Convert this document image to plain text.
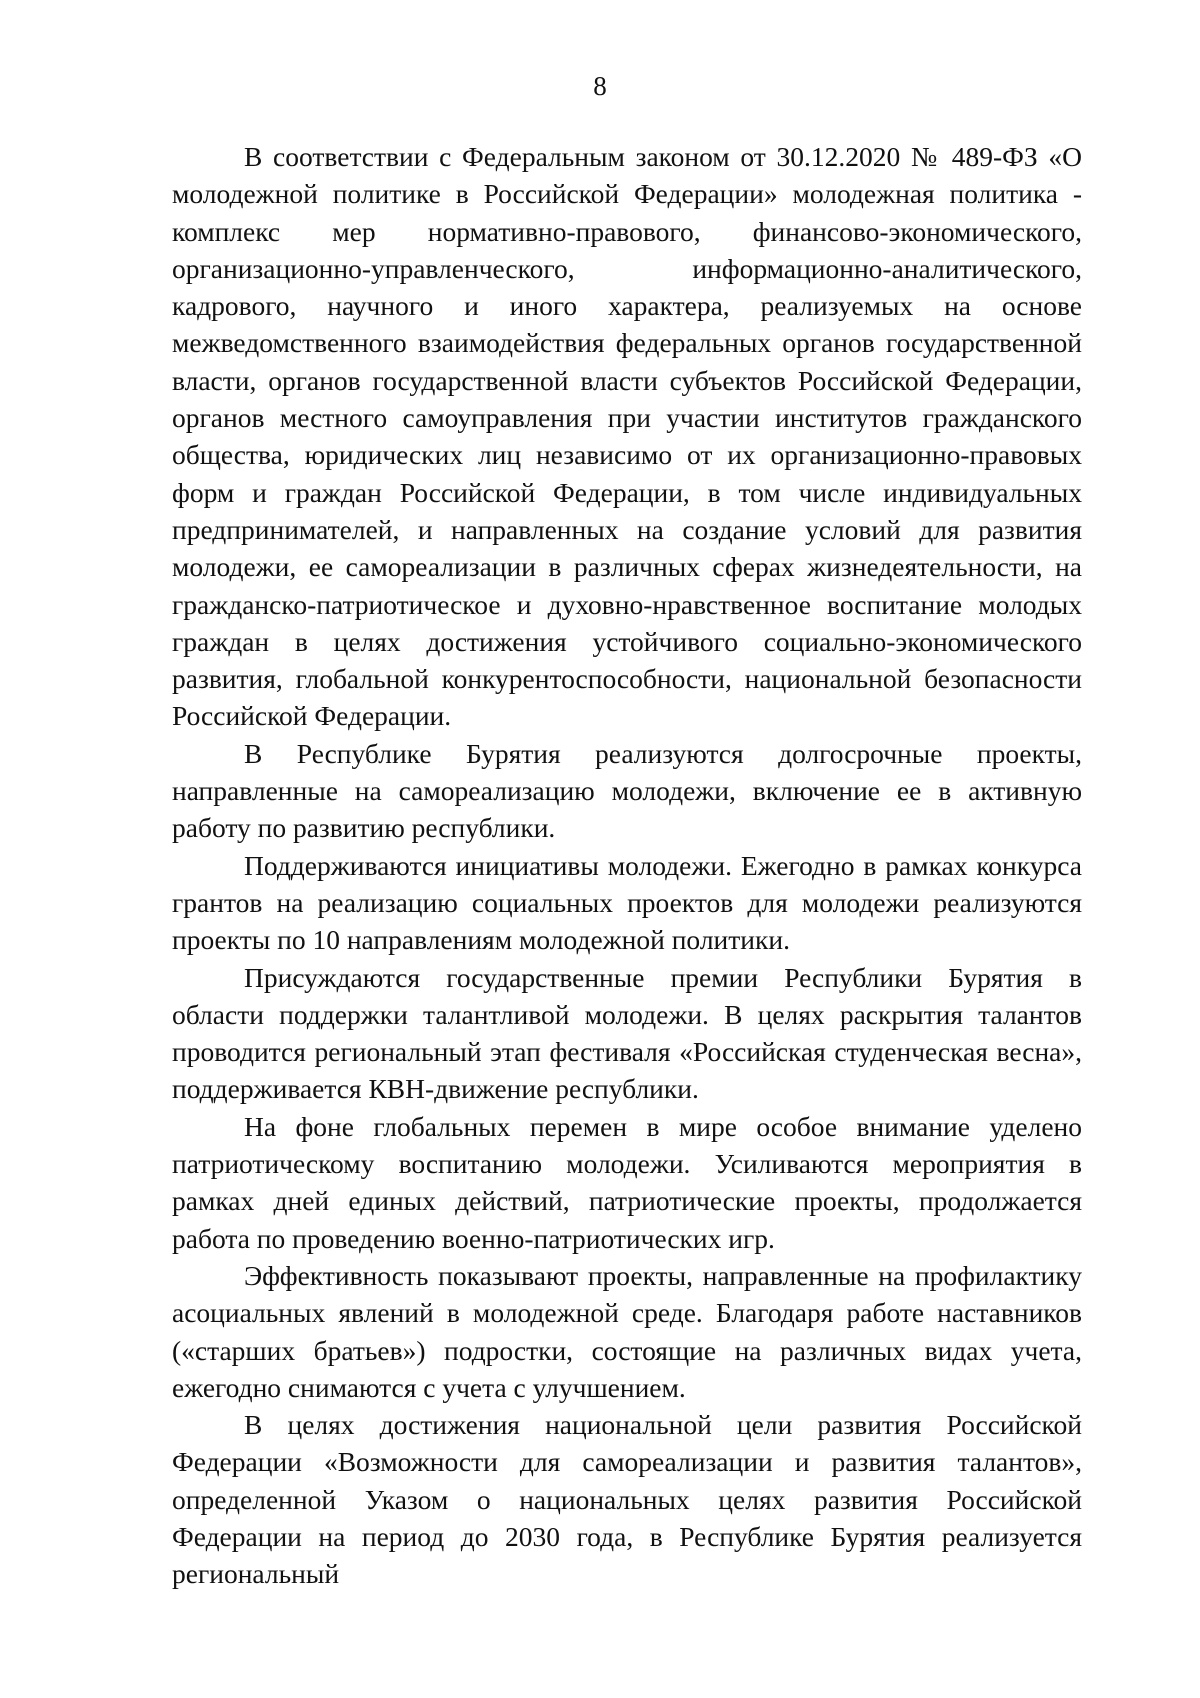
8

В соответствии с Федеральным законом от 30.12.2020 № 489-ФЗ «О молодежной политике в Российской Федерации» молодежная политика - комплекс мер нормативно-правового, финансово-экономического, организационно-управленческого, информационно-аналитического, кадрового, научного и иного характера, реализуемых на основе межведомственного взаимодействия федеральных органов государственной власти, органов государственной власти субъектов Российской Федерации, органов местного самоуправления при участии институтов гражданского общества, юридических лиц независимо от их организационно-правовых форм и граждан Российской Федерации, в том числе индивидуальных предпринимателей, и направленных на создание условий для развития молодежи, ее самореализации в различных сферах жизнедеятельности, на гражданско-патриотическое и духовно-нравственное воспитание молодых граждан в целях достижения устойчивого социально-экономического развития, глобальной конкурентоспособности, национальной безопасности Российской Федерации.

В Республике Бурятия реализуются долгосрочные проекты, направленные на самореализацию молодежи, включение ее в активную работу по развитию республики.

Поддерживаются инициативы молодежи. Ежегодно в рамках конкурса грантов на реализацию социальных проектов для молодежи реализуются проекты по 10 направлениям молодежной политики.

Присуждаются государственные премии Республики Бурятия в области поддержки талантливой молодежи. В целях раскрытия талантов проводится региональный этап фестиваля «Российская студенческая весна», поддерживается КВН-движение республики.

На фоне глобальных перемен в мире особое внимание уделено патриотическому воспитанию молодежи. Усиливаются мероприятия в рамках дней единых действий, патриотические проекты, продолжается работа по проведению военно-патриотических игр.

Эффективность показывают проекты, направленные на профилактику асоциальных явлений в молодежной среде. Благодаря работе наставников («старших братьев») подростки, состоящие на различных видах учета, ежегодно снимаются с учета с улучшением.

В целях достижения национальной цели развития Российской Федерации «Возможности для самореализации и развития талантов», определенной Указом о национальных целях развития Российской Федерации на период до 2030 года, в Республике Бурятия реализуется региональный
